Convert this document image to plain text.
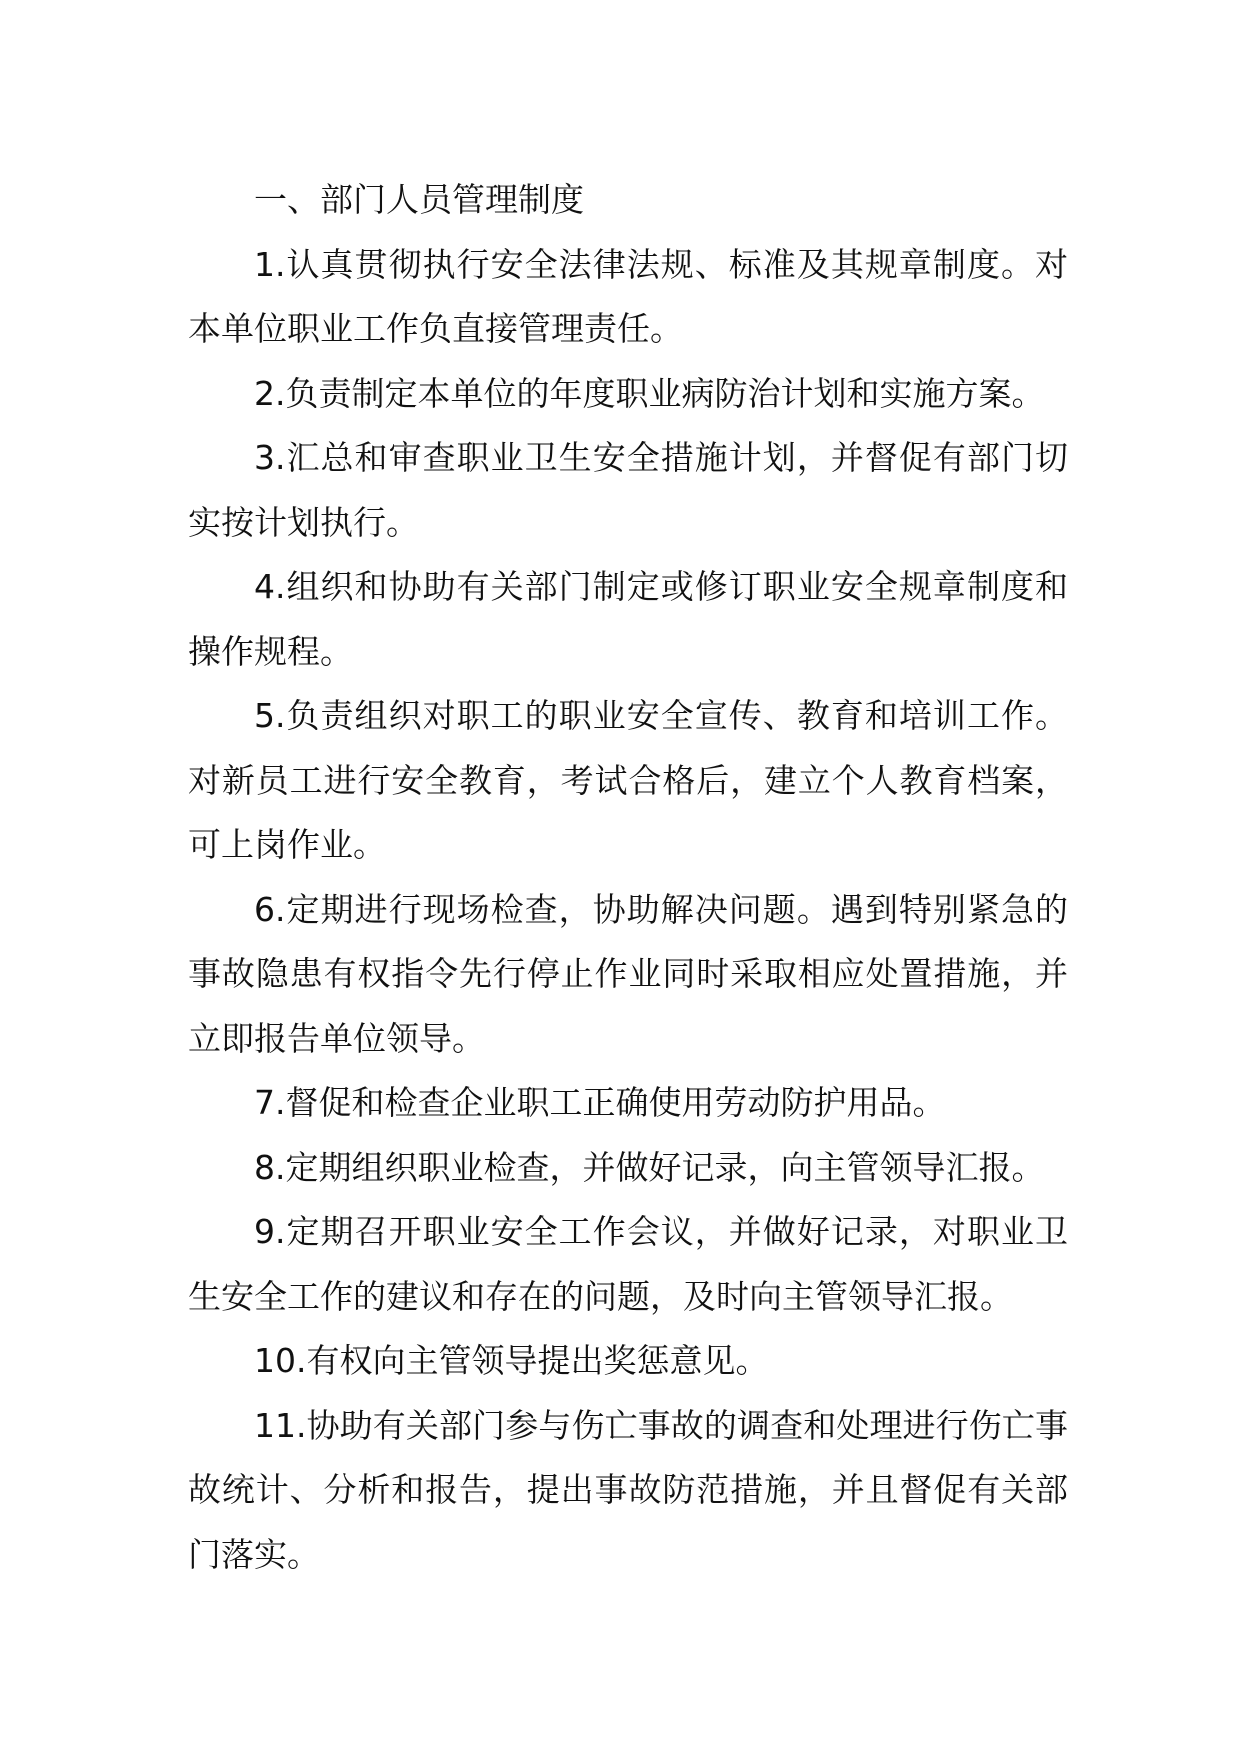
一、部门人员管理制度

1.认真贯彻执行安全法律法规、标准及其规章制度。对本单位职业工作负直接管理责任。

2.负责制定本单位的年度职业病防治计划和实施方案。

3.汇总和审查职业卫生安全措施计划，并督促有部门切实按计划执行。

4.组织和协助有关部门制定或修订职业安全规章制度和操作规程。

5.负责组织对职工的职业安全宣传、教育和培训工作。对新员工进行安全教育，考试合格后，建立个人教育档案，可上岗作业。

6.定期进行现场检查，协助解决问题。遇到特别紧急的事故隐患有权指令先行停止作业同时采取相应处置措施，并立即报告单位领导。

7.督促和检查企业职工正确使用劳动防护用品。

8.定期组织职业检查，并做好记录，向主管领导汇报。

9.定期召开职业安全工作会议，并做好记录，对职业卫生安全工作的建议和存在的问题，及时向主管领导汇报。

10.有权向主管领导提出奖惩意见。

11.协助有关部门参与伤亡事故的调查和处理进行伤亡事故统计、分析和报告，提出事故防范措施，并且督促有关部门落实。
